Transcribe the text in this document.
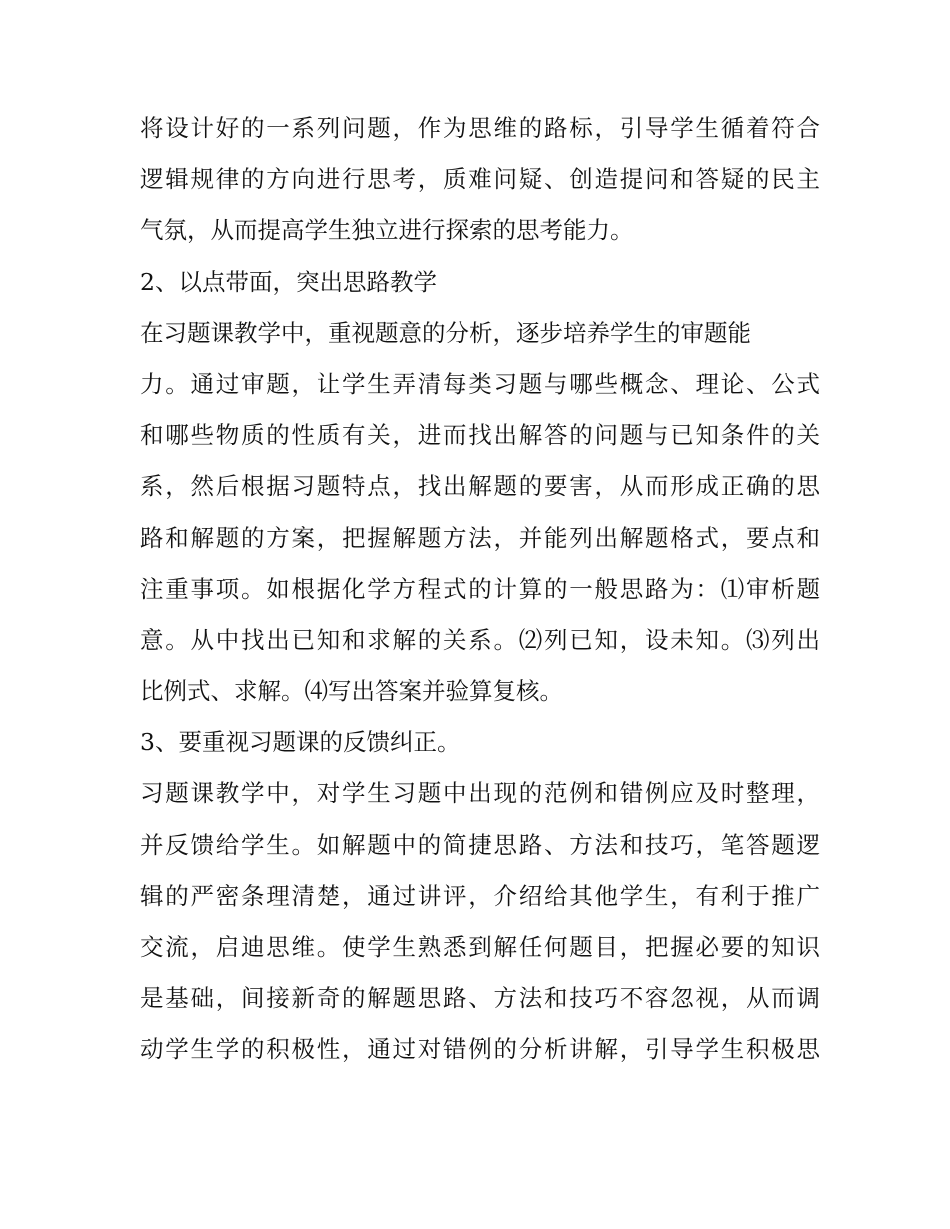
将设计好的一系列问题，作为思维的路标，引导学生循着符合
逻辑规律的方向进行思考，质难问疑、创造提问和答疑的民主
气氛，从而提高学生独立进行探索的思考能力。
2、以点带面，突出思路教学
在习题课教学中，重视题意的分析，逐步培养学生的审题能
力。通过审题，让学生弄清每类习题与哪些概念、理论、公式
和哪些物质的性质有关，进而找出解答的问题与已知条件的关
系，然后根据习题特点，找出解题的要害，从而形成正确的思
路和解题的方案，把握解题方法，并能列出解题格式，要点和
注重事项。如根据化学方程式的计算的一般思路为：⑴审析题
意。从中找出已知和求解的关系。⑵列已知，设未知。⑶列出
比例式、求解。⑷写出答案并验算复核。
3、要重视习题课的反馈纠正。
习题课教学中，对学生习题中出现的范例和错例应及时整理，
并反馈给学生。如解题中的简捷思路、方法和技巧，笔答题逻
辑的严密条理清楚，通过讲评，介绍给其他学生，有利于推广
交流，启迪思维。使学生熟悉到解任何题目，把握必要的知识
是基础，间接新奇的解题思路、方法和技巧不容忽视，从而调
动学生学的积极性，通过对错例的分析讲解，引导学生积极思
